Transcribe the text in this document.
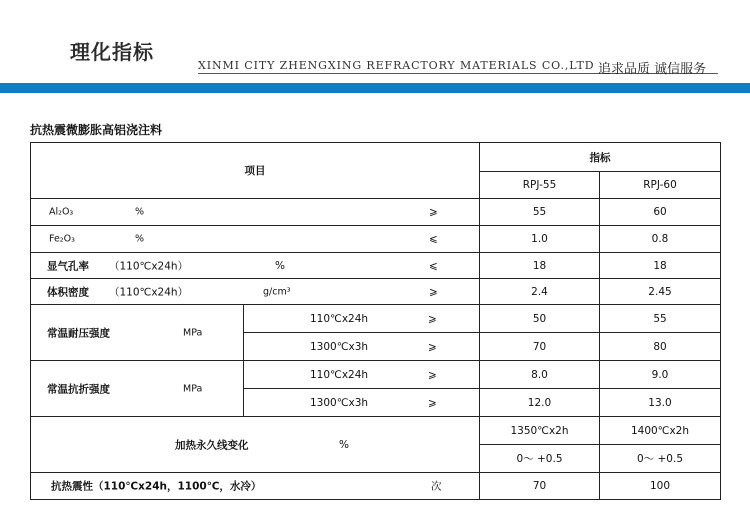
理化指标
XINMI CITY ZHENGXING REFRACTORY MATERIALS CO.,LTD 追求品质 诚信服务
抗热震微膨胀高铝浇注料
项目		指标	
		RPJ-55	RPJ-60

Al₂O₃ % ⩾		55	60

Fe₂O₃ % ⩽		1.0	0.8

显气孔率 （110℃x24h） % ⩽		18	18

体积密度 （110℃x24h） g/cm³ ⩾		2.4	2.45

常温耐压强度 MPa	110℃x24h ⩾	50	55

	1300℃x3h ⩾	70	80

常温抗折强度 MPa	110℃x24h ⩾	8.0	9.0

	1300℃x3h ⩾	12.0	13.0

加热永久线变化 %		1350℃x2h	1400℃x2h
		0～ +0.5	0～ +0.5

抗热震性（110℃x24h，1100℃，水冷） 次		70	100
